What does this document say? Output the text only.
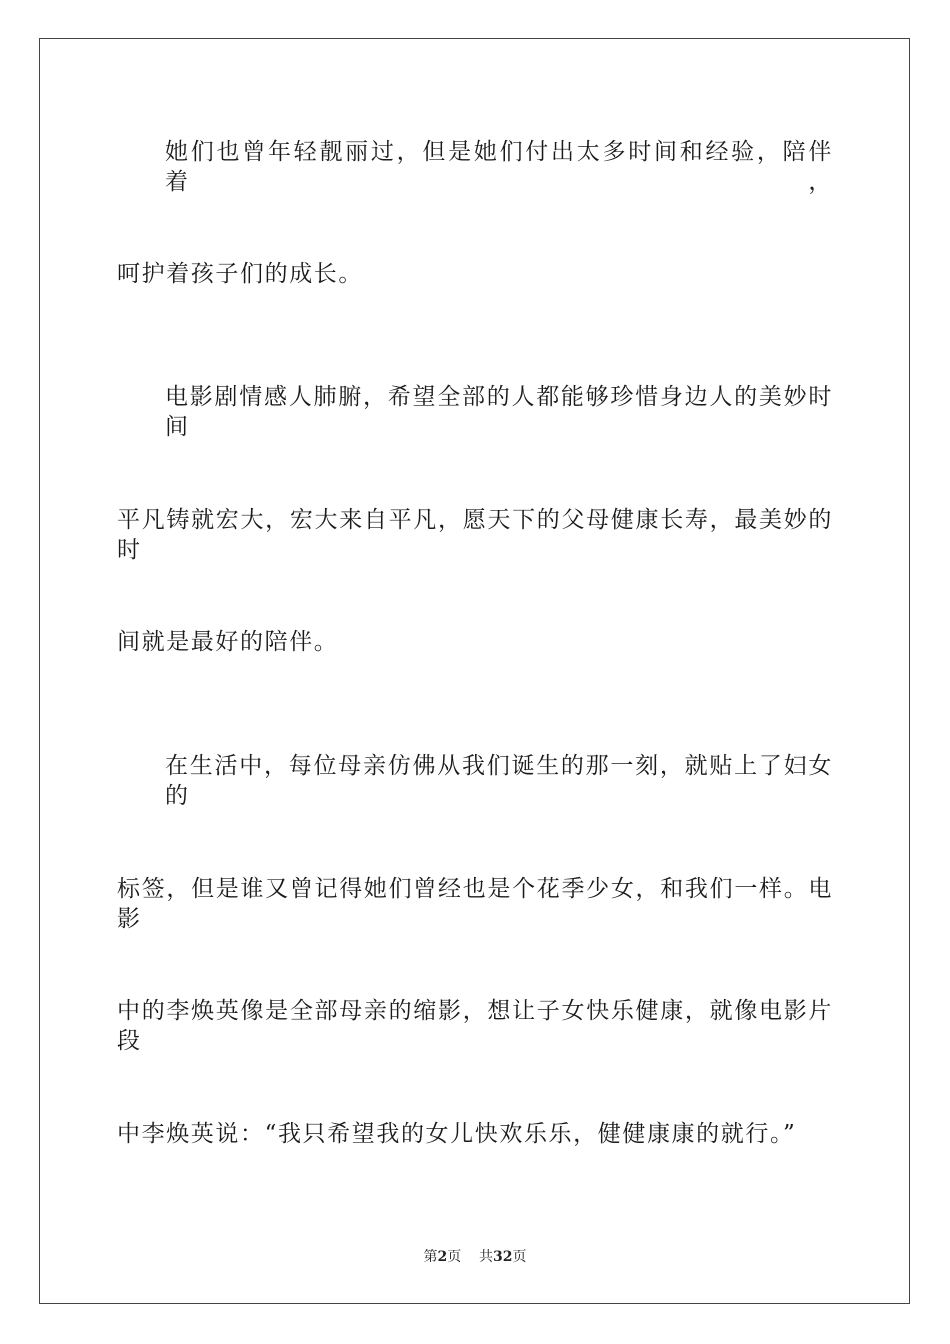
她们也曾年轻靓丽过，但是她们付出太多时间和经验，陪伴着，
呵护着孩子们的成长。
电影剧情感人肺腑，希望全部的人都能够珍惜身边人的美妙时间
平凡铸就宏大，宏大来自平凡，愿天下的父母健康长寿，最美妙的时
间就是最好的陪伴。
在生活中，每位母亲仿佛从我们诞生的那一刻，就贴上了妇女的
标签，但是谁又曾记得她们曾经也是个花季少女，和我们一样。电影
中的李焕英像是全部母亲的缩影，想让子女快乐健康，就像电影片段
中李焕英说：“我只希望我的女儿快欢乐乐，健健康康的就行。”
第2页 共32页
